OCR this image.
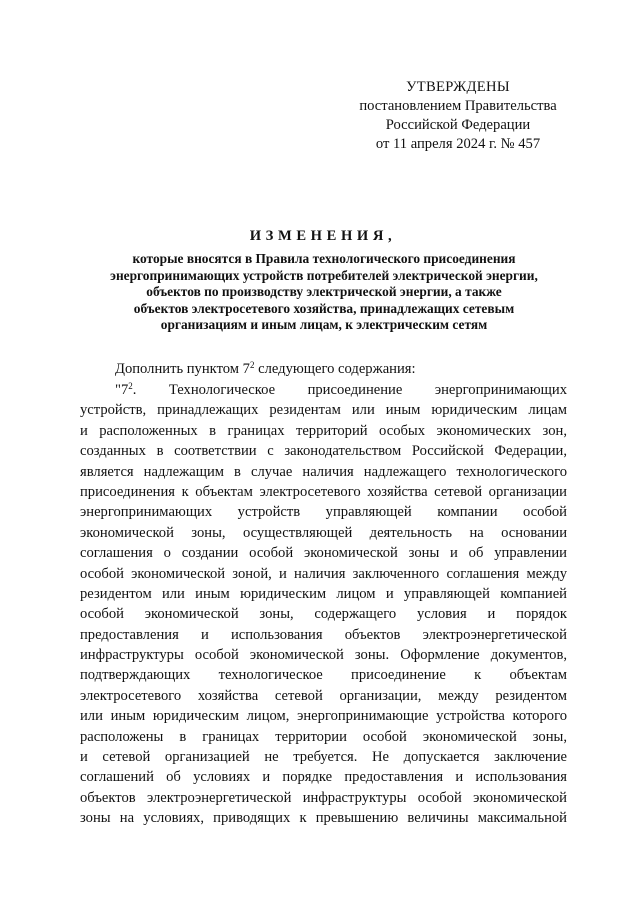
УТВЕРЖДЕНЫ
постановлением Правительства
Российской Федерации
от 11 апреля 2024 г. № 457
ИЗМЕНЕНИЯ,
которые вносятся в Правила технологического присоединения
энергопринимающих устройств потребителей электрической энергии,
объектов по производству электрической энергии, а также
объектов электросетевого хозяйства, принадлежащих сетевым
организациям и иным лицам, к электрическим сетям
Дополнить пунктом $7^2$ следующего содержания:
"$7^2$. Технологическое присоединение энергопринимающих
устройств, принадлежащих резидентам или иным юридическим лицам
и расположенных в границах территорий особых экономических зон,
созданных в соответствии с законодательством Российской Федерации,
является надлежащим в случае наличия надлежащего технологического
присоединения к объектам электросетевого хозяйства сетевой организации
энергопринимающих устройств управляющей компании особой
экономической зоны, осуществляющей деятельность на основании
соглашения о создании особой экономической зоны и об управлении
особой экономической зоной, и наличия заключенного соглашения между
резидентом или иным юридическим лицом и управляющей компанией
особой экономической зоны, содержащего условия и порядок
предоставления и использования объектов электроэнергетической
инфраструктуры особой экономической зоны. Оформление документов,
подтверждающих технологическое присоединение к объектам
электросетевого хозяйства сетевой организации, между резидентом
или иным юридическим лицом, энергопринимающие устройства которого
расположены в границах территории особой экономической зоны,
и сетевой организацией не требуется. Не допускается заключение
соглашений об условиях и порядке предоставления и использования
объектов электроэнергетической инфраструктуры особой экономической
зоны на условиях, приводящих к превышению величины максимальной
